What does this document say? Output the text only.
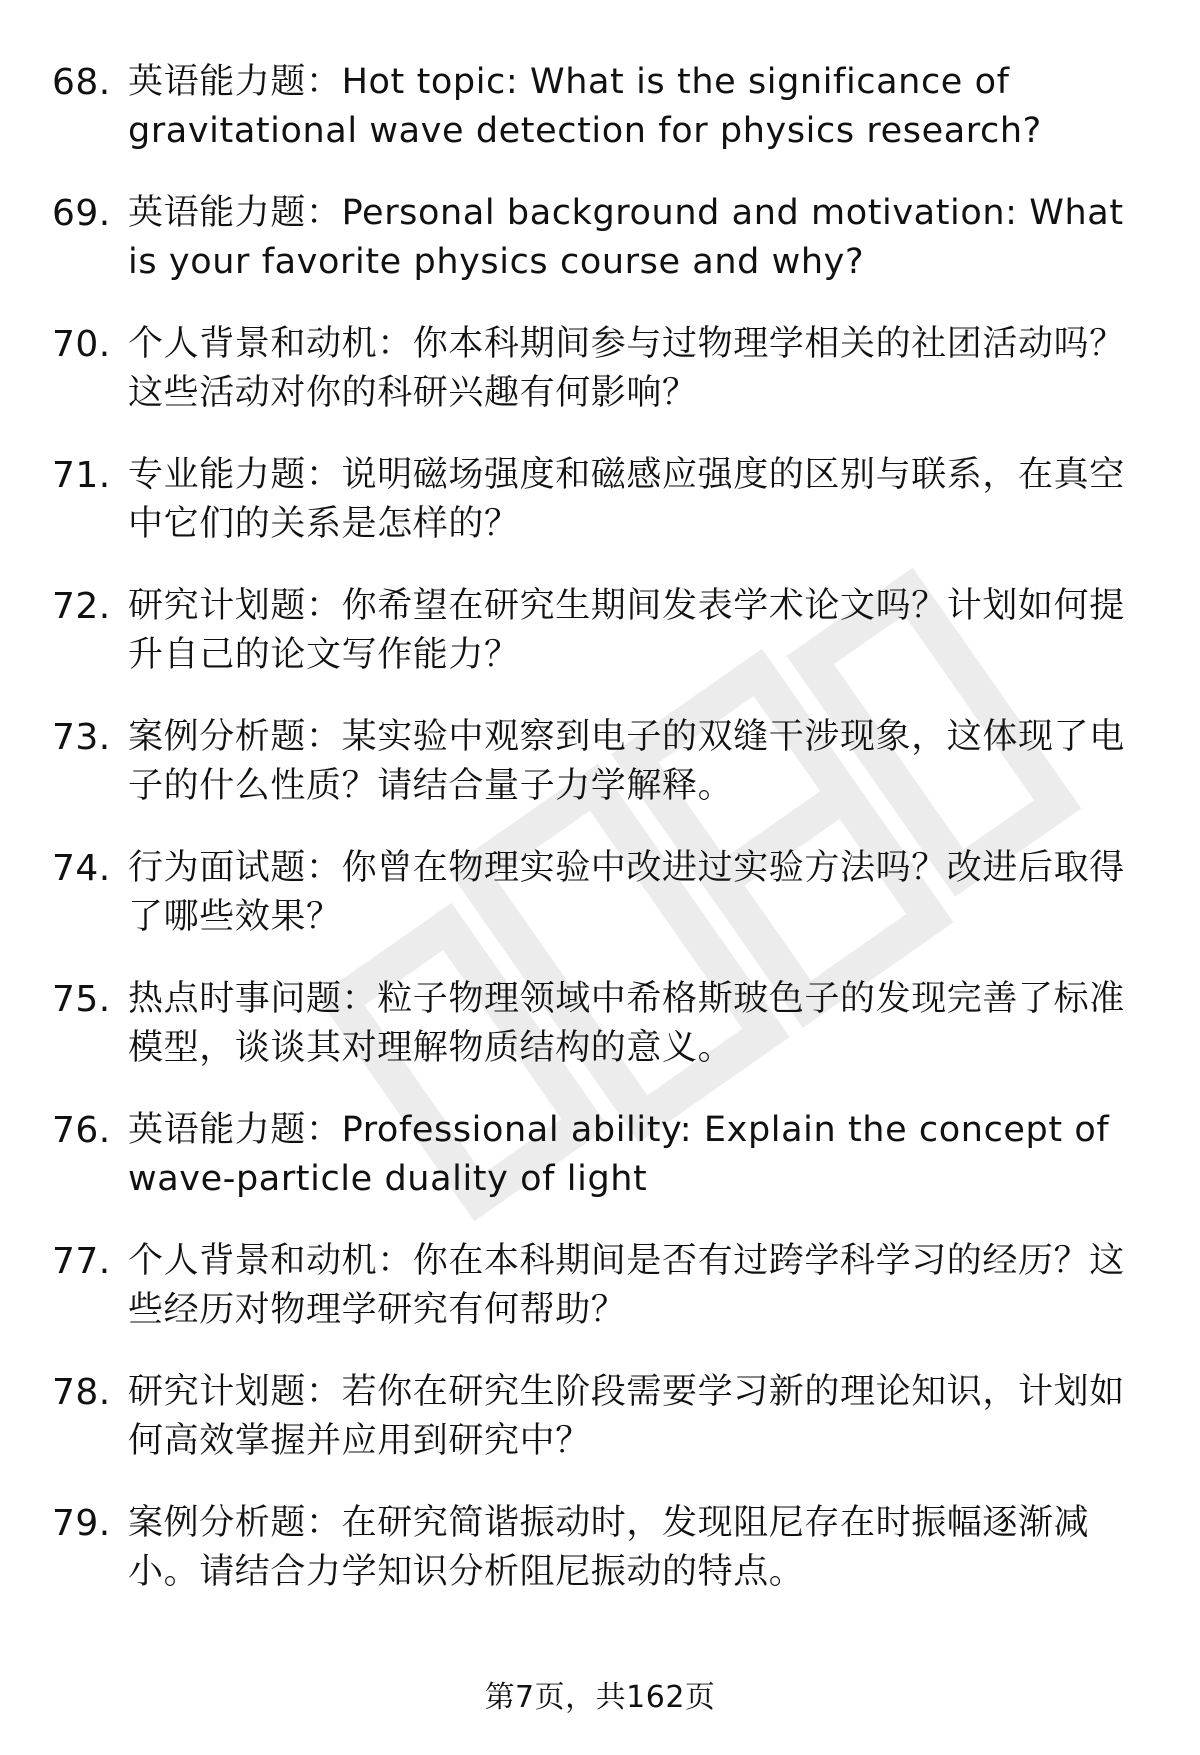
68. 英语能力题：Hot topic: What is the significance of gravitational wave detection for physics research?
69. 英语能力题：Personal background and motivation: What is your favorite physics course and why?
70. 个人背景和动机：你本科期间参与过物理学相关的社团活动吗？这些活动对你的科研兴趣有何影响？
71. 专业能力题：说明磁场强度和磁感应强度的区别与联系，在真空中它们的关系是怎样的？
72. 研究计划题：你希望在研究生期间发表学术论文吗？计划如何提升自己的论文写作能力？
73. 案例分析题：某实验中观察到电子的双缝干涉现象，这体现了电子的什么性质？请结合量子力学解释。
74. 行为面试题：你曾在物理实验中改进过实验方法吗？改进后取得了哪些效果？
75. 热点时事问题：粒子物理领域中希格斯玻色子的发现完善了标准模型，谈谈其对理解物质结构的意义。
76. 英语能力题：Professional ability: Explain the concept of wave-particle duality of light
77. 个人背景和动机：你在本科期间是否有过跨学科学习的经历？这些经历对物理学研究有何帮助？
78. 研究计划题：若你在研究生阶段需要学习新的理论知识，计划如何高效掌握并应用到研究中？
79. 案例分析题：在研究简谐振动时，发现阻尼存在时振幅逐渐减小。请结合力学知识分析阻尼振动的特点。
第7页，共162页
